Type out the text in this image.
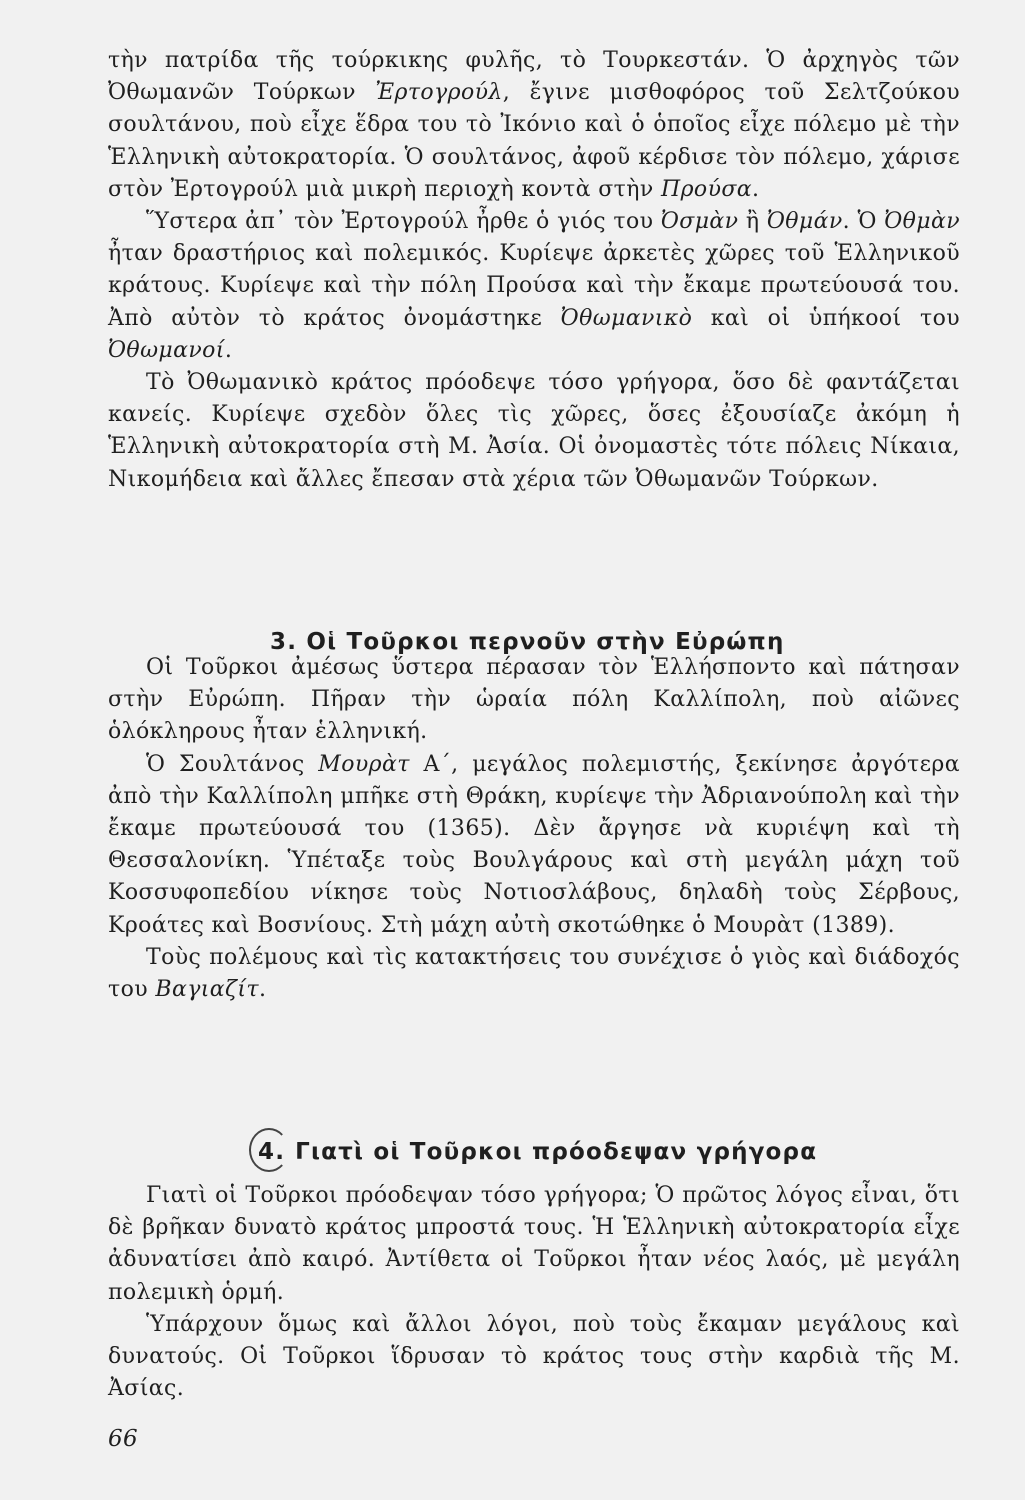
τὴν πατρίδα τῆς τούρκικης φυλῆς, τὸ Τουρκεστάν. Ὁ ἀρχηγὸς τῶν Ὀθωμανῶν Τούρκων Ἐρτογρούλ, ἔγινε μισθοφόρος τοῦ Σελτζούκου σουλτάνου, ποὺ εἶχε ἕδρα του τὸ Ἰκόνιο καὶ ὁ ὁποῖος εἶχε πόλεμο μὲ τὴν Ἑλληνικὴ αὐτοκρατορία. Ὁ σουλτάνος, ἀφοῦ κέρδισε τὸν πόλεμο, χάρισε στὸν Ἐρτογρούλ μιὰ μικρὴ περιοχὴ κοντὰ στὴν Προύσα.

Ὕστερα ἀπ᾿ τὸν Ἐρτογρούλ ἦρθε ὁ γιός του Ὀσμὰν ἢ Ὀθμάν. Ὁ Ὀθμὰν ἦταν δραστήριος καὶ πολεμικός. Κυρίεψε ἀρκετὲς χῶρες τοῦ Ἑλληνικοῦ κράτους. Κυρίεψε καὶ τὴν πόλη Προύσα καὶ τὴν ἔκαμε πρωτεύουσά του. Ἀπὸ αὐτὸν τὸ κράτος ὀνομάστηκε Ὀθωμανικὸ καὶ οἱ ὑπήκοοί του Ὀθωμανοί.

Τὸ Ὀθωμανικὸ κράτος πρόοδεψε τόσο γρήγορα, ὅσο δὲ φαντάζεται κανείς. Κυρίεψε σχεδὸν ὅλες τὶς χῶρες, ὅσες ἐξουσίαζε ἀκόμη ἡ Ἑλληνικὴ αὐτοκρατορία στὴ Μ. Ἀσία. Οἱ ὀνομαστὲς τότε πόλεις Νίκαια, Νικομήδεια καὶ ἄλλες ἔπεσαν στὰ χέρια τῶν Ὀθωμανῶν Τούρκων.

3. Οἱ Τοῦρκοι περνοῦν στὴν Εὐρώπη

Οἱ Τοῦρκοι ἀμέσως ὕστερα πέρασαν τὸν Ἑλλήσποντο καὶ πάτησαν στὴν Εὐρώπη. Πῆραν τὴν ὡραία πόλη Καλλίπολη, ποὺ αἰῶνες ὁλόκληρους ἦταν ἑλληνική.

Ὁ Σουλτάνος Μουρὰτ Α΄, μεγάλος πολεμιστής, ξεκίνησε ἀργότερα ἀπὸ τὴν Καλλίπολη μπῆκε στὴ Θράκη, κυρίεψε τὴν Ἀδριανούπολη καὶ τὴν ἔκαμε πρωτεύουσά του (1365). Δὲν ἄργησε νὰ κυριέψη καὶ τὴ Θεσσαλονίκη. Ὑπέταξε τοὺς Βουλγάρους καὶ στὴ μεγάλη μάχη τοῦ Κοσσυφοπεδίου νίκησε τοὺς Νοτιοσλάβους, δηλαδὴ τοὺς Σέρβους, Κροάτες καὶ Βοσνίους. Στὴ μάχη αὐτὴ σκοτώθηκε ὁ Μουρὰτ (1389).

Τοὺς πολέμους καὶ τὶς κατακτήσεις του συνέχισε ὁ γιὸς καὶ διάδοχός του Βαγιαζίτ.

4. Γιατὶ οἱ Τοῦρκοι πρόοδεψαν γρήγορα

Γιατὶ οἱ Τοῦρκοι πρόοδεψαν τόσο γρήγορα; Ὁ πρῶτος λόγος εἶναι, ὅτι δὲ βρῆκαν δυνατὸ κράτος μπροστά τους. Ἡ Ἑλληνικὴ αὐτοκρατορία εἶχε ἀδυνατίσει ἀπὸ καιρό. Ἀντίθετα οἱ Τοῦρκοι ἦταν νέος λαός, μὲ μεγάλη πολεμικὴ ὁρμή.

Ὑπάρχουν ὅμως καὶ ἄλλοι λόγοι, ποὺ τοὺς ἔκαμαν μεγάλους καὶ δυνατούς. Οἱ Τοῦρκοι ἵδρυσαν τὸ κράτος τους στὴν καρδιὰ τῆς Μ. Ἀσίας.

66
